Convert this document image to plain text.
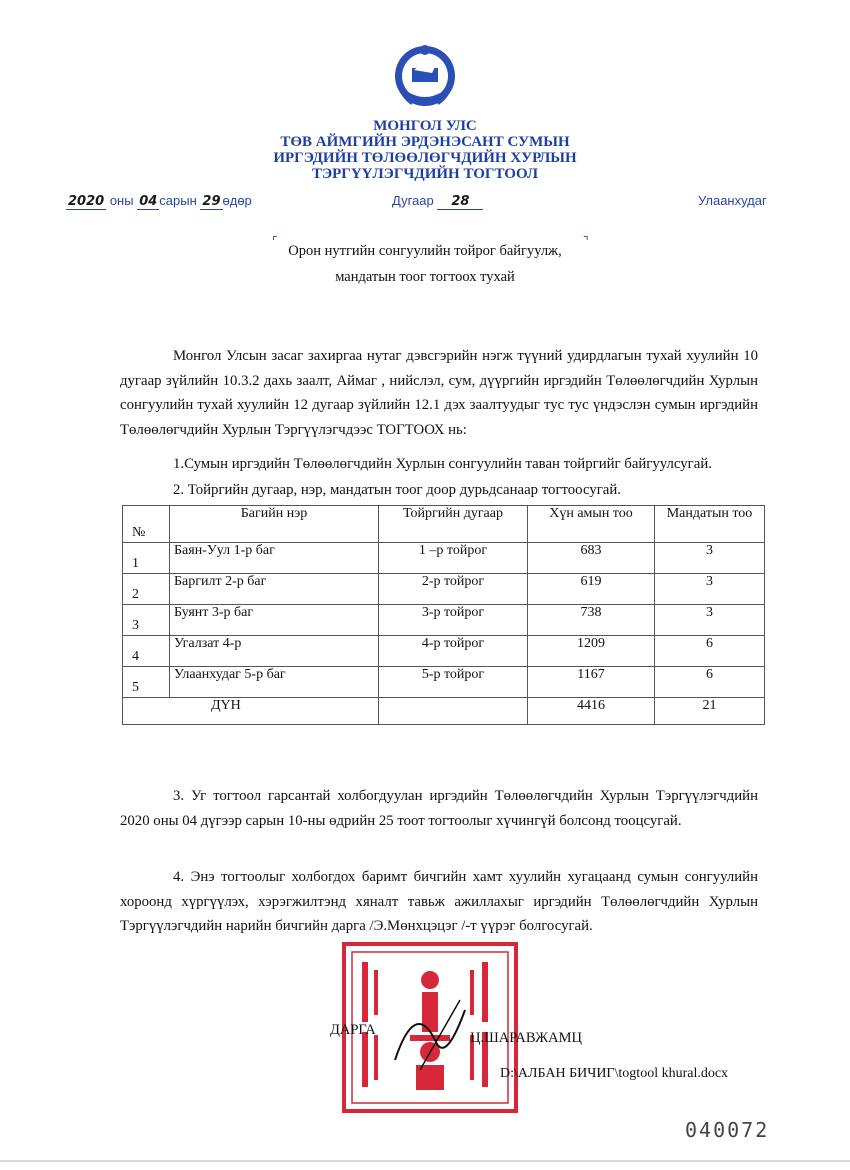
МОНГОЛ УЛС
ТӨВ АЙМГИЙН ЭРДЭНЭСАНТ СУМЫН
ИРГЭДИЙН ТӨЛӨӨЛӨГЧДИЙН ХУРЛЫН
ТЭРГҮҮЛЭГЧДИЙН ТОГТООЛ
2020 оны 04 сарын 29 өдөр	Дугаар 28	Улаанхудаг
⌜	⌝
Орон нутгийн сонгуулийн тойрог байгуулж,
мандатын тоог тогтоох тухай
Монгол Улсын засаг захиргаа нутаг дэвсгэрийн нэгж түүний удирдлагын тухай хуулийн 10 дугаар зүйлийн 10.3.2 дахь заалт, Аймаг , нийслэл, сум, дүүргийн иргэдийн Төлөөлөгчдийн Хурлын сонгуулийн тухай хуулийн 12 дугаар зүйлийн 12.1 дэх заалтуудыг тус тус үндэслэн сумын иргэдийн Төлөөлөгчдийн Хурлын Тэргүүлэгчдээс ТОГТООХ нь:
1.Сумын иргэдийн Төлөөлөгчдийн Хурлын сонгуулийн таван тойргийг байгуулсугай.
2. Тойргийн дугаар, нэр, мандатын тоог доор дурьдсанаар тогтоосугай.
№	Багийн нэр	Тойргийн дугаар	Хүн амын тоо	Мандатын тоо

1	Баян-Уул 1-р баг	1 –р тойрог	683	3

2	Баргилт 2-р баг	2-р тойрог	619	3

3	Буянт 3-р баг	3-р тойрог	738	3

4	Угалзат 4-р	4-р тойрог	1209	6

5	Улаанхудаг 5-р баг	5-р тойрог	1167	6
ДҮН			4416	21
3. Уг тогтоол гарсантай холбогдуулан иргэдийн Төлөөлөгчдийн Хурлын Тэргүүлэгчдийн 2020 оны 04 дүгээр сарын 10-ны өдрийн 25 тоот тогтоолыг хүчингүй болсонд тооцсугай.
4. Энэ тогтоолыг холбогдох баримт бичгийн хамт хуулийн хугацаанд сумын сонгуулийн хороонд хүргүүлэх, хэрэгжилтэнд хяналт тавьж ажиллахыг иргэдийн Төлөөлөгчдийн Хурлын Тэргүүлэгчдийн нарийн бичгийн дарга /Э.Мөнхцэцэг /-т үүрэг болгосугай.
ДАРГА	Ц.ШАРАВЖАМЦ
D:\АЛБАН БИЧИГ\togtool khural.docx
040072
